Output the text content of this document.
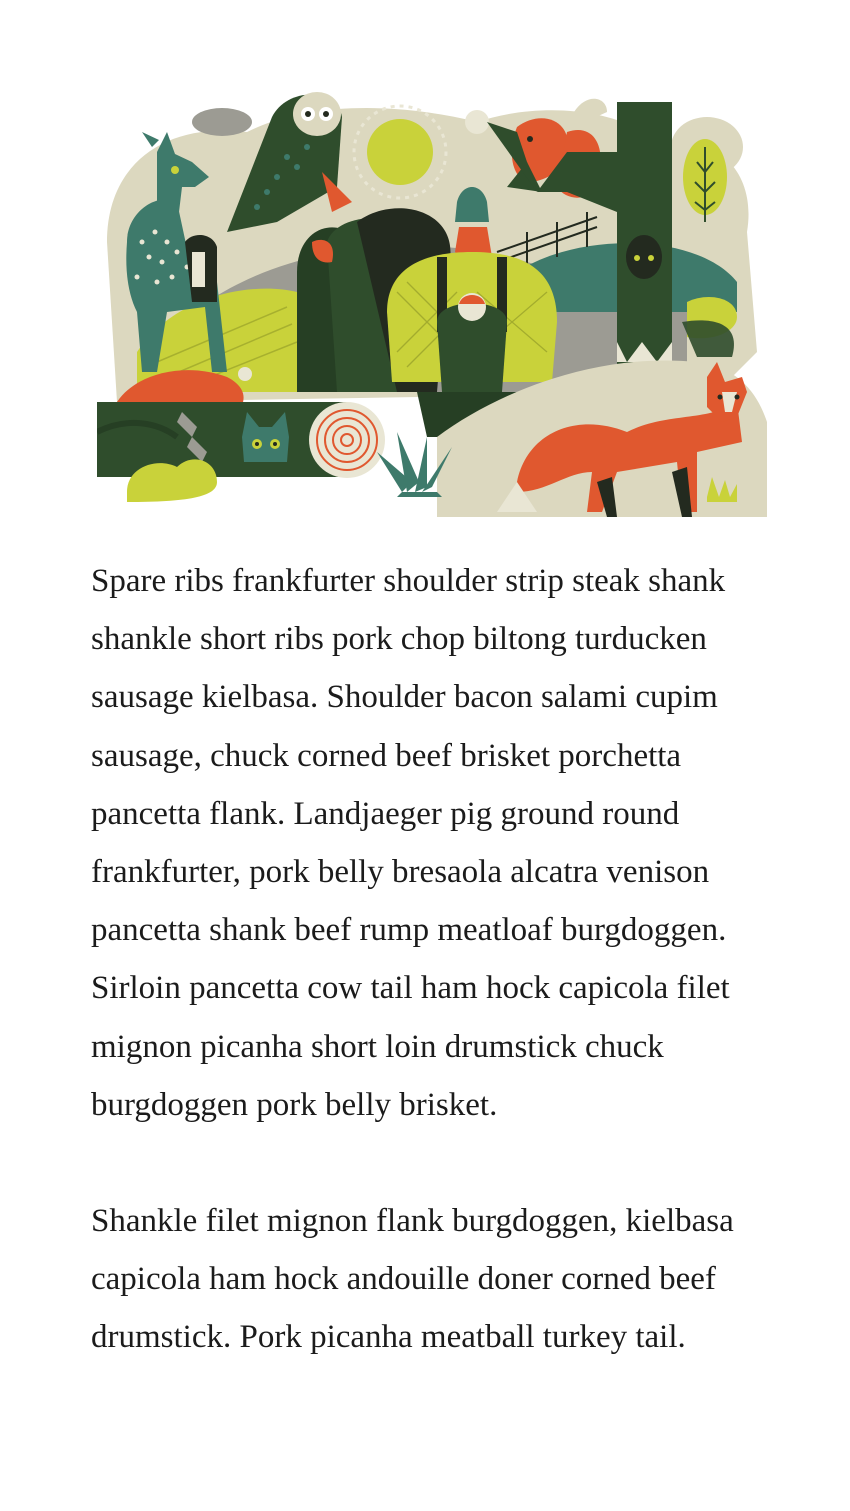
Spare ribs frankfurter shoulder strip steak shank shankle short ribs pork chop biltong turducken sausage kielbasa. Shoulder bacon salami cupim sausage, chuck corned beef brisket porchetta pancetta flank. Landjaeger pig ground round frankfurter, pork belly bresaola alcatra venison pancetta shank beef rump meatloaf burgdoggen. Sirloin pancetta cow tail ham hock capicola filet mignon picanha short loin drumstick chuck burgdoggen pork belly brisket.

Shankle filet mignon flank burgdoggen, kielbasa capicola ham hock andouille doner corned beef drumstick. Pork picanha meatball turkey tail.
